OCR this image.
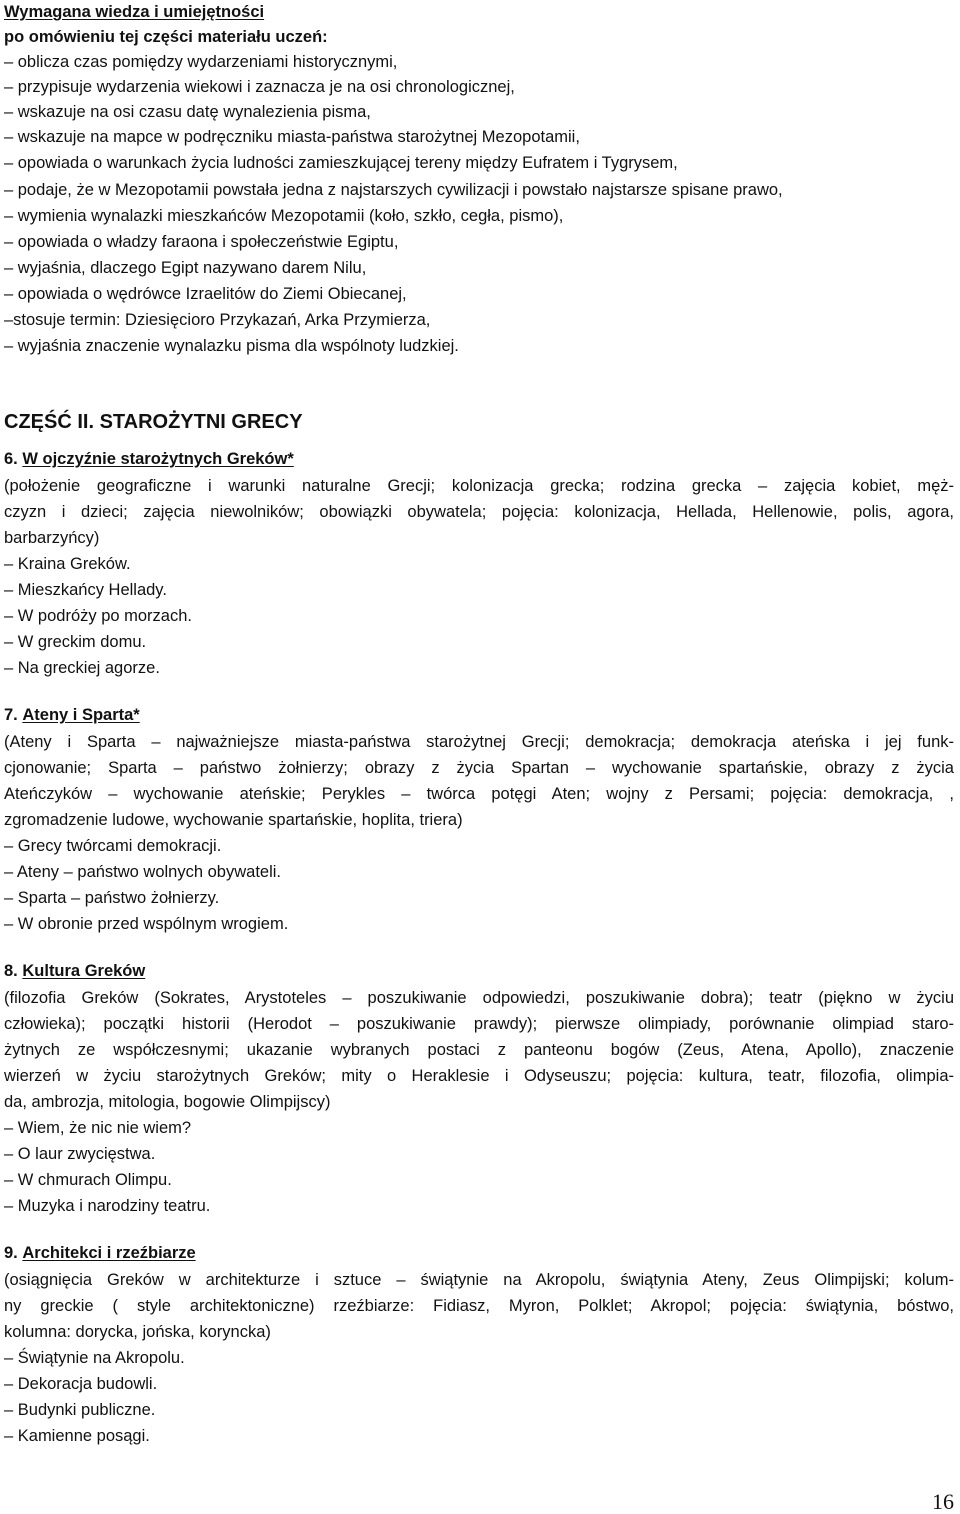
Wymagana wiedza i umiejętności
po omówieniu tej części materiału uczeń:
– oblicza czas pomiędzy wydarzeniami historycznymi,
– przypisuje wydarzenia wiekowi i zaznacza je na osi chronologicznej,
– wskazuje na osi czasu datę wynalezienia pisma,
– wskazuje na mapce w podręczniku miasta-państwa starożytnej Mezopotamii,
– opowiada o warunkach życia ludności zamieszkującej tereny między Eufratem i Tygrysem,
– podaje, że w Mezopotamii powstała jedna z najstarszych cywilizacji i powstało najstarsze spisane prawo,
– wymienia wynalazki mieszkańców Mezopotamii (koło, szkło, cegła, pismo),
– opowiada o władzy faraona i społeczeństwie Egiptu,
– wyjaśnia, dlaczego Egipt nazywano darem Nilu,
– opowiada o wędrówce Izraelitów do Ziemi Obiecanej,
–stosuje termin: Dziesięcioro Przykazań, Arka Przymierza,
– wyjaśnia znaczenie wynalazku pisma dla wspólnoty ludzkiej.
CZĘŚĆ II. STAROŻYTNI GRECY
6. W ojczyźnie starożytnych Greków*
(położenie geograficzne i warunki naturalne Grecji; kolonizacja grecka; rodzina grecka – zajęcia kobiet, męż-
czyzn i dzieci; zajęcia niewolników; obowiązki obywatela; pojęcia: kolonizacja, Hellada, Hellenowie, polis, agora,
barbarzyńcy)
– Kraina Greków.
– Mieszkańcy Hellady.
– W podróży po morzach.
– W greckim domu.
– Na greckiej agorze.
7. Ateny i Sparta*
(Ateny i Sparta – najważniejsze miasta-państwa starożytnej Grecji; demokracja; demokracja ateńska i jej funk-
cjonowanie; Sparta – państwo żołnierzy; obrazy z życia Spartan – wychowanie spartańskie, obrazy z życia
Ateńczyków – wychowanie ateńskie; Perykles – twórca potęgi Aten; wojny z Persami; pojęcia: demokracja, ,
zgromadzenie ludowe, wychowanie spartańskie, hoplita, triera)
– Grecy twórcami demokracji.
– Ateny – państwo wolnych obywateli.
– Sparta – państwo żołnierzy.
– W obronie przed wspólnym wrogiem.
8. Kultura Greków
(filozofia Greków (Sokrates, Arystoteles – poszukiwanie odpowiedzi, poszukiwanie dobra); teatr (piękno w życiu
człowieka); początki historii (Herodot – poszukiwanie prawdy); pierwsze olimpiady, porównanie olimpiad staro-
żytnych ze współczesnymi; ukazanie wybranych postaci z panteonu bogów (Zeus, Atena, Apollo), znaczenie
wierzeń w życiu starożytnych Greków; mity o Heraklesie i Odyseuszu; pojęcia: kultura, teatr, filozofia, olimpia-
da, ambrozja, mitologia, bogowie Olimpijscy)
– Wiem, że nic nie wiem?
– O laur zwycięstwa.
– W chmurach Olimpu.
– Muzyka i narodziny teatru.
9. Architekci i rzeźbiarze
(osiągnięcia Greków w architekturze i sztuce – świątynie na Akropolu, świątynia Ateny, Zeus Olimpijski; kolum-
ny greckie ( style architektoniczne) rzeźbiarze: Fidiasz, Myron, Polklet; Akropol; pojęcia: świątynia, bóstwo,
kolumna: dorycka, jońska, koryncka)
– Świątynie na Akropolu.
– Dekoracja budowli.
– Budynki publiczne.
– Kamienne posągi.
16
